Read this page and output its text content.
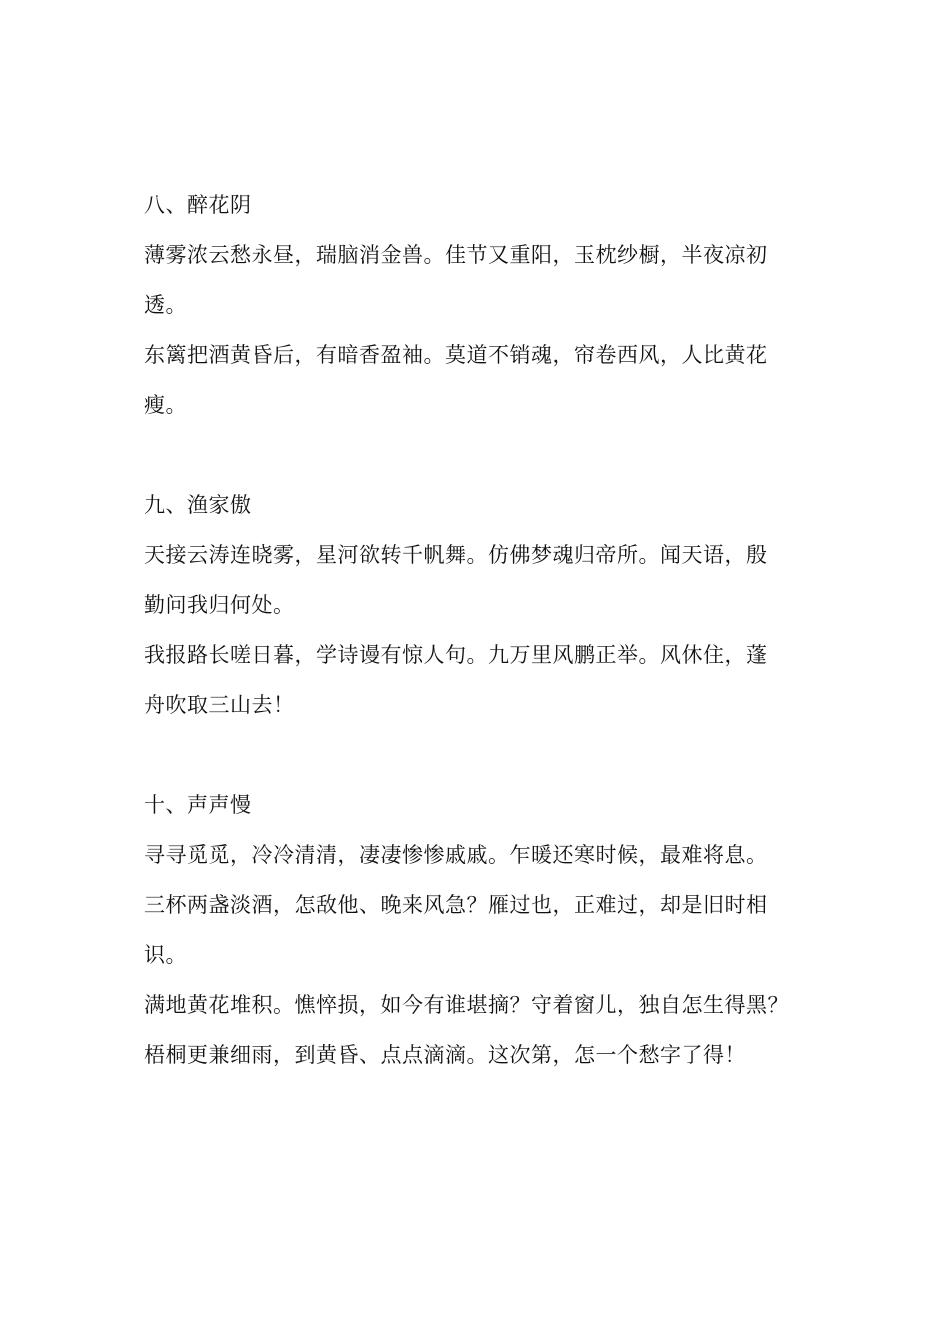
八、醉花阴
薄雾浓云愁永昼，瑞脑消金兽。佳节又重阳，玉枕纱橱，半夜凉初
透。
东篱把酒黄昏后，有暗香盈袖。莫道不销魂，帘卷西风，人比黄花
瘦。
九、渔家傲
天接云涛连晓雾，星河欲转千帆舞。仿佛梦魂归帝所。闻天语，殷
勤问我归何处。
我报路长嗟日暮，学诗谩有惊人句。九万里风鹏正举。风休住，蓬
舟吹取三山去！
十、声声慢
寻寻觅觅，冷冷清清，凄凄惨惨戚戚。乍暖还寒时候，最难将息。
三杯两盏淡酒，怎敌他、晚来风急？雁过也，正难过，却是旧时相
识。
满地黄花堆积。憔悴损，如今有谁堪摘？守着窗儿，独自怎生得黑？
梧桐更兼细雨，到黄昏、点点滴滴。这次第，怎一个愁字了得！
